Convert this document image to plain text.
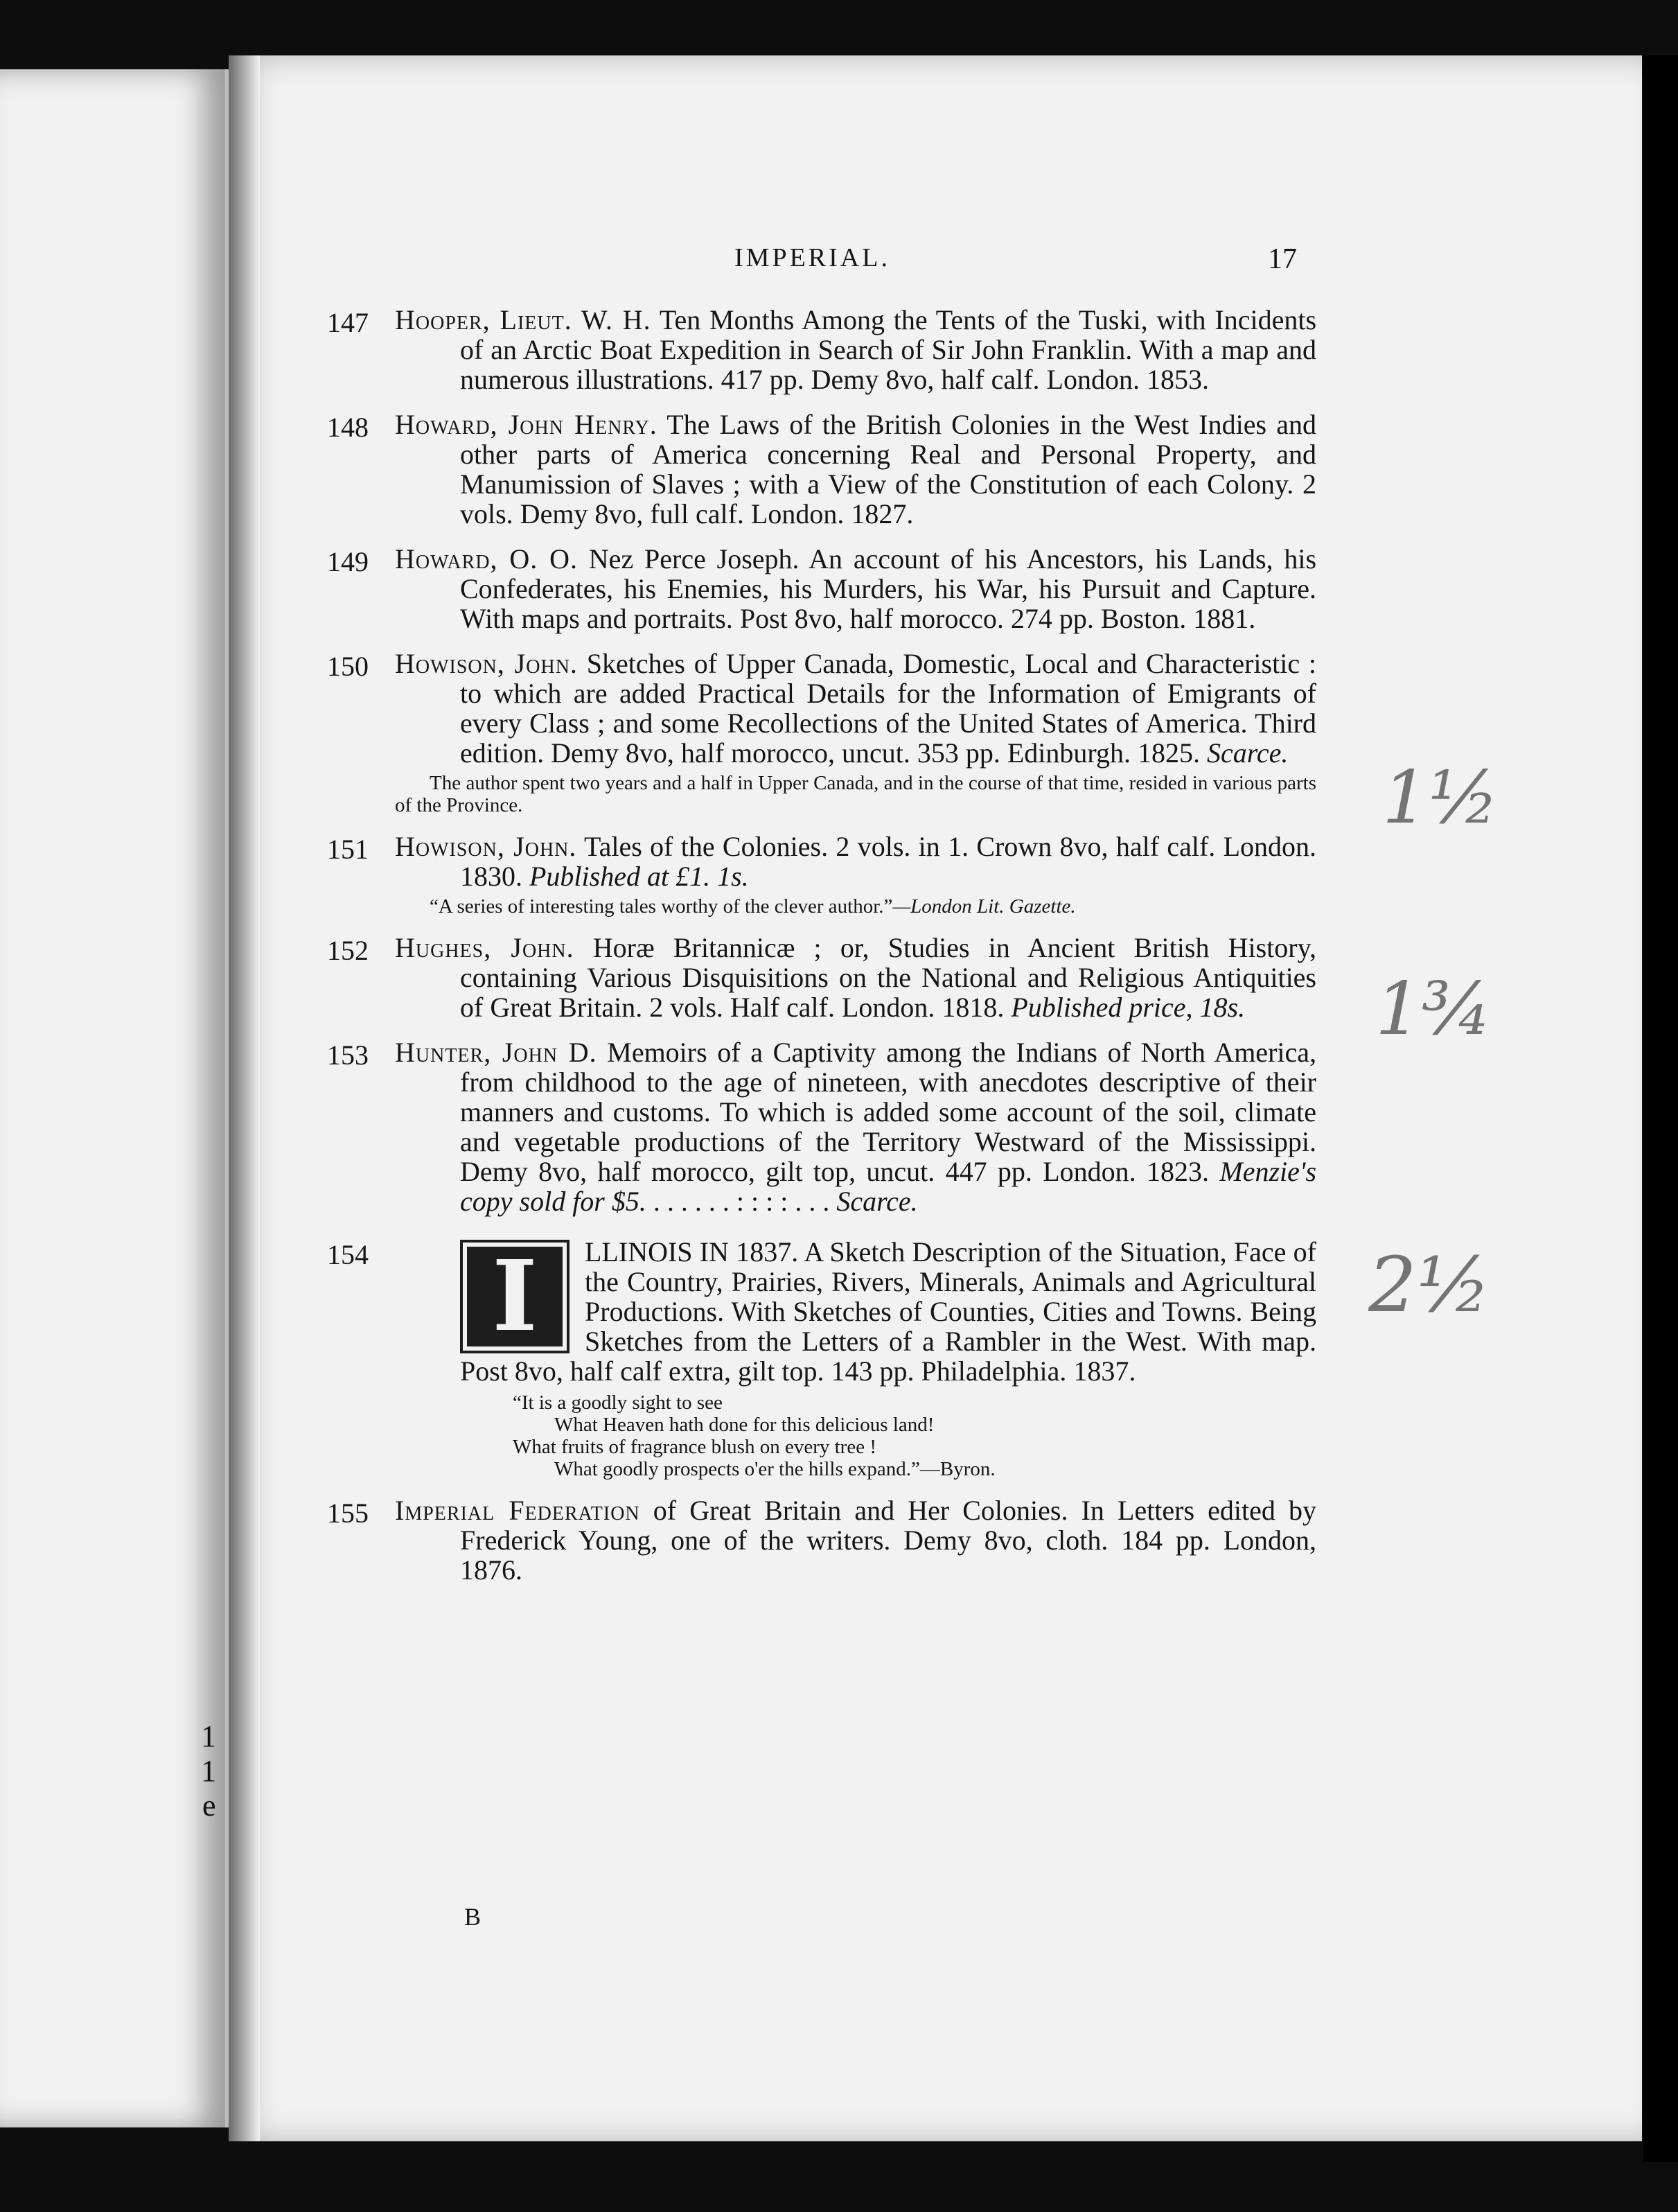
1
1
e
IMPERIAL.	17
147 Hooper, Lieut. W. H. Ten Months Among the Tents of the Tuski, with Incidents of an Arctic Boat Expedition in Search of Sir John Franklin. With a map and numerous illustrations. 417 pp. Demy 8vo, half calf. London. 1853.
148 Howard, John Henry. The Laws of the British Colonies in the West Indies and other parts of America concerning Real and Personal Property, and Manumission of Slaves ; with a View of the Constitution of each Colony. 2 vols. Demy 8vo, full calf. London. 1827.
149 Howard, O. O. Nez Perce Joseph. An account of his Ancestors, his Lands, his Confederates, his Enemies, his Murders, his War, his Pursuit and Capture. With maps and portraits. Post 8vo, half morocco. 274 pp. Boston. 1881.
150 Howison, John. Sketches of Upper Canada, Domestic, Local and Characteristic : to which are added Practical Details for the Information of Emigrants of every Class ; and some Recollections of the United States of America. Third edition. Demy 8vo, half morocco, uncut. 353 pp. Edinburgh. 1825. Scarce.
The author spent two years and a half in Upper Canada, and in the course of that time, resided in various parts of the Province.
151 Howison, John. Tales of the Colonies. 2 vols. in 1. Crown 8vo, half calf. London. 1830. Published at £1. 1s.
“A series of interesting tales worthy of the clever author.”—London Lit. Gazette.
152 Hughes, John. Horæ Britannicæ ; or, Studies in Ancient British History, containing Various Disquisitions on the National and Religious Antiquities of Great Britain. 2 vols. Half calf. London. 1818. Published price, 18s.
153 Hunter, John D. Memoirs of a Captivity among the Indians of North America, from childhood to the age of nineteen, with anecdotes descriptive of their manners and customs. To which is added some account of the soil, climate and vegetable productions of the Territory Westward of the Mississippi. Demy 8vo, half morocco, gilt top, uncut. 447 pp. London. 1823. Menzie's copy sold for $5. . . . . . . : : : : . . . Scarce.
154	I	LLINOIS IN 1837. A Sketch Description of the Situation, Face of the Country, Prairies, Rivers, Minerals, Animals and Agricultural Productions. With Sketches of Counties, Cities and Towns. Being Sketches from the Letters of a Rambler in the West. With map. Post 8vo, half calf extra, gilt top. 143 pp. Philadelphia. 1837.
“It is a goodly sight to see
What Heaven hath done for this delicious land!
What fruits of fragrance blush on every tree !
What goodly prospects o'er the hills expand.”—Byron.
155 Imperial Federation of Great Britain and Her Colonies. In Letters edited by Frederick Young, one of the writers. Demy 8vo, cloth. 184 pp. London, 1876.
B
1½
1¾
2½
